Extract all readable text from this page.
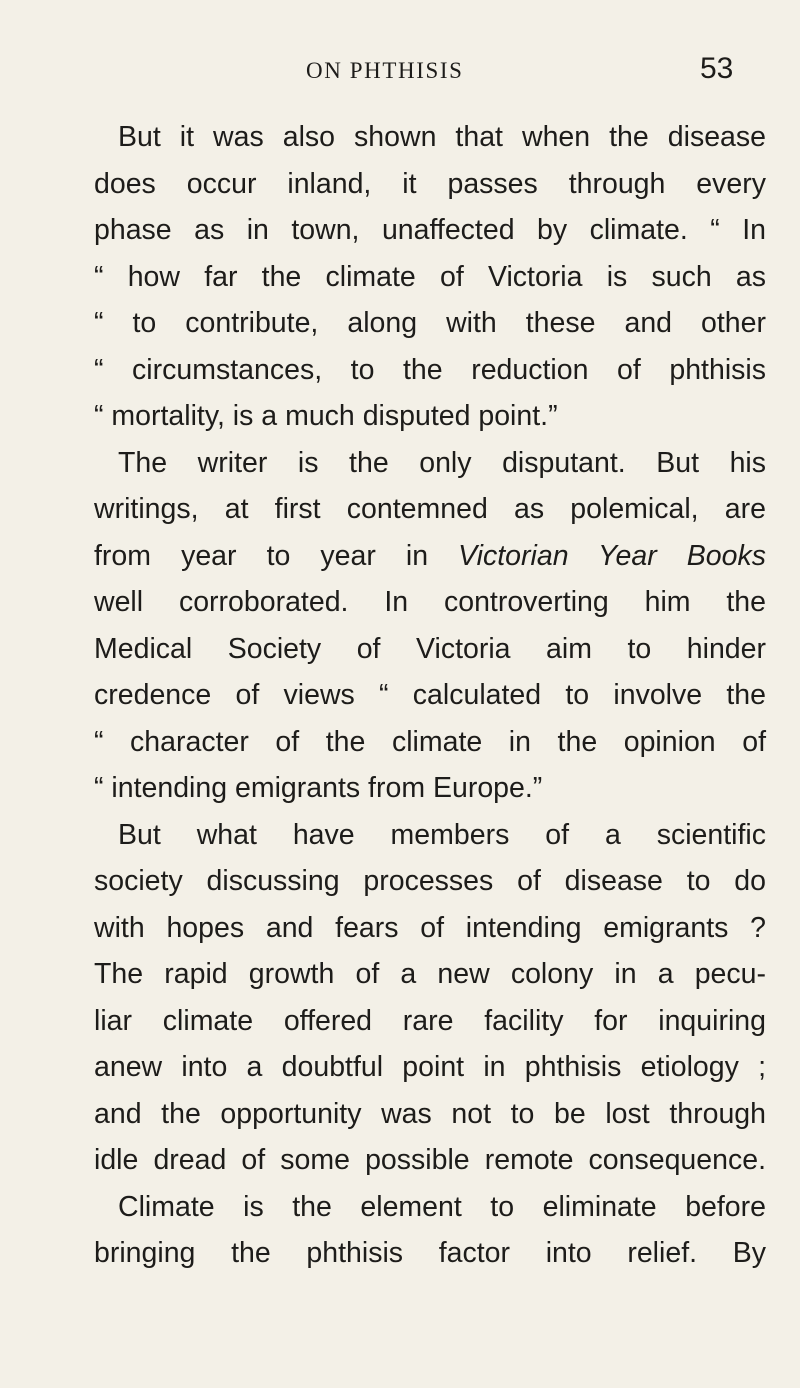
ON PHTHISIS	53
But it was also shown that when the disease
does occur inland, it passes through every
phase as in town, unaffected by climate. “ In
“ how far the climate of Victoria is such as
“ to contribute, along with these and other
“ circumstances, to the reduction of phthisis
“ mortality, is a much disputed point.”
The writer is the only disputant. But his
writings, at first contemned as polemical, are
from year to year in Victorian Year Books
well corroborated. In controverting him the
Medical Society of Victoria aim to hinder
credence of views “ calculated to involve the
“ character of the climate in the opinion of
“ intending emigrants from Europe.”
But what have members of a scientific
society discussing processes of disease to do
with hopes and fears of intending emigrants ?
The rapid growth of a new colony in a pecu-
liar climate offered rare facility for inquiring
anew into a doubtful point in phthisis etiology ;
and the opportunity was not to be lost through
idle dread of some possible remote consequence.
Climate is the element to eliminate before
bringing the phthisis factor into relief. By
